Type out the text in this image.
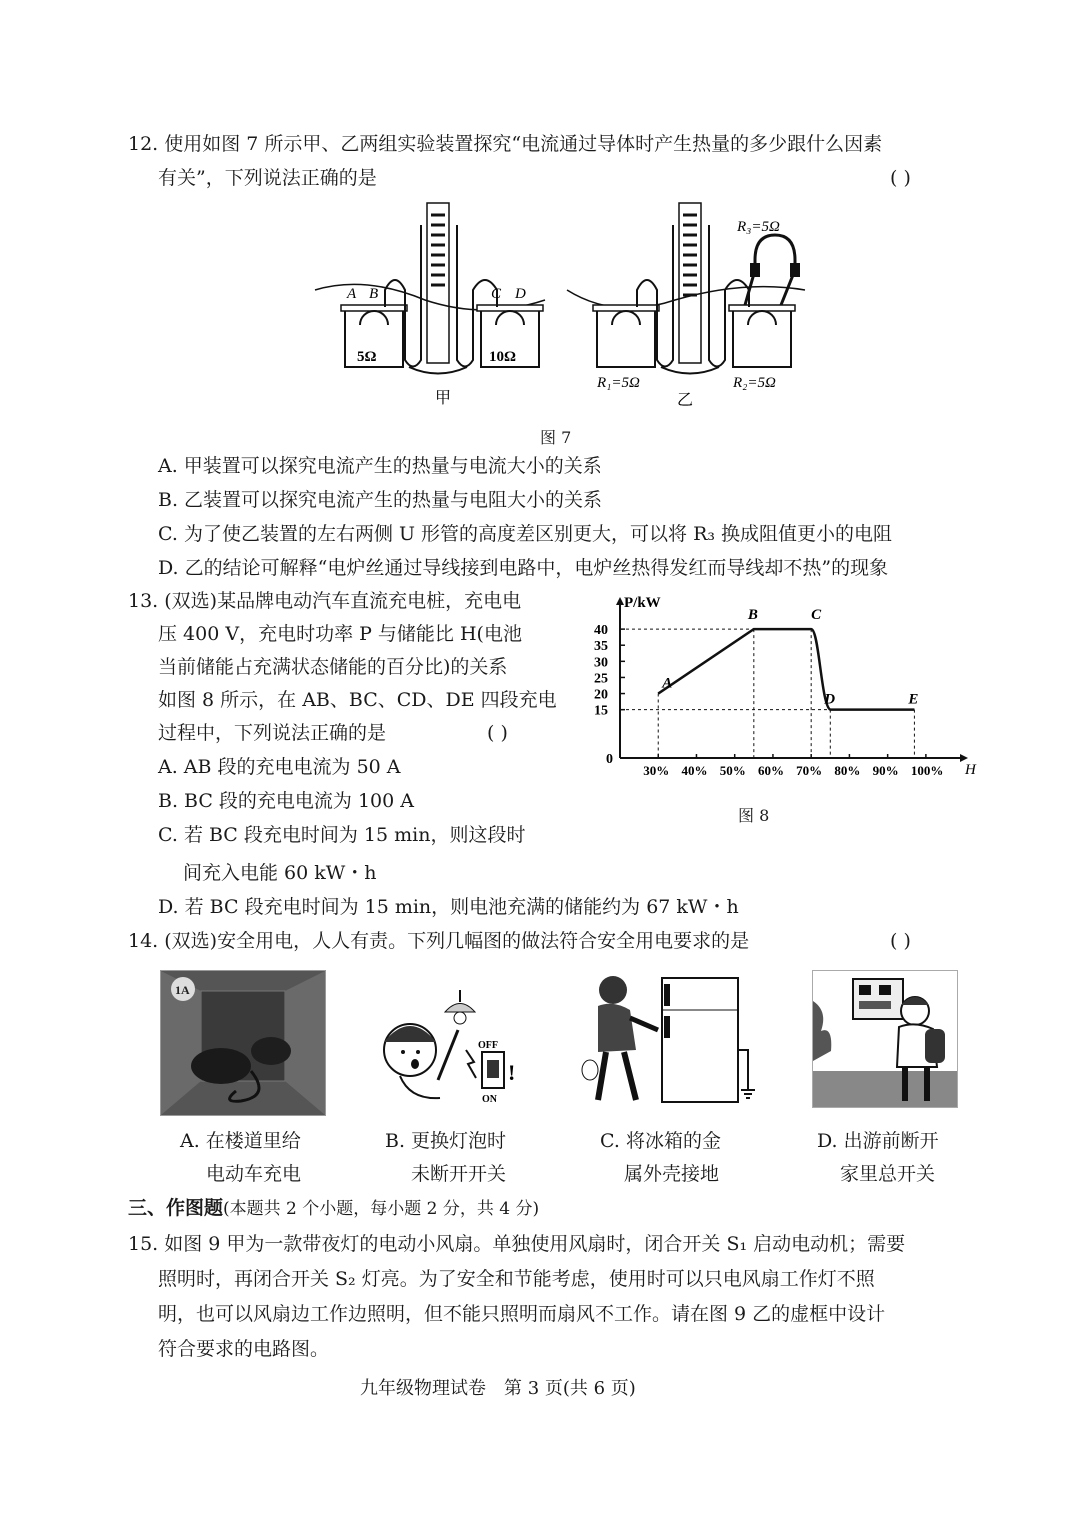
12. 使用如图 7 所示甲、乙两组实验装置探究“电流通过导体时产生热量的多少跟什么因素
有关”，下列说法正确的是	( )
A B	C D
5Ω	10Ω
甲
R₃=5Ω
R₁=5Ω	R₂=5Ω
乙
图 7
A. 甲装置可以探究电流产生的热量与电流大小的关系
B. 乙装置可以探究电流产生的热量与电阻大小的关系
C. 为了使乙装置的左右两侧 U 形管的高度差区别更大，可以将 R₃ 换成阻值更小的电阻
D. 乙的结论可解释“电炉丝通过导线接到电路中，电炉丝热得发红而导线却不热”的现象
13. (双选)某品牌电动汽车直流充电桩，充电电
压 400 V，充电时功率 P 与储能比 H(电池
当前储能占充满状态储能的百分比)的关系
如图 8 所示，在 AB、BC、CD、DE 四段充电
过程中，下列说法正确的是	( )
A. AB 段的充电电流为 50 A
B. BC 段的充电电流为 100 A
C. 若 BC 段充电时间为 15 min，则这段时
间充入电能 60 kW・h
D. 若 BC 段充电时间为 15 min，则电池充满的储能约为 67 kW・h
P/kW
H
0
15
20
25
30
35
40
30% 40% 50% 60% 70% 80% 90% 100%
A
B	C
D	E
图 8
14. (双选)安全用电，人人有责。下列几幅图的做法符合安全用电要求的是	( )
1A
OFF
ON
!
A. 在楼道里给
电动车充电
B. 更换灯泡时
未断开开关
C. 将冰箱的金
属外壳接地
D. 出游前断开
家里总开关
三、作图题(本题共 2 个小题，每小题 2 分，共 4 分)
15. 如图 9 甲为一款带夜灯的电动小风扇。单独使用风扇时，闭合开关 S₁ 启动电动机；需要
照明时，再闭合开关 S₂ 灯亮。为了安全和节能考虑，使用时可以只电风扇工作灯不照
明，也可以风扇边工作边照明，但不能只照明而扇风不工作。请在图 9 乙的虚框中设计
符合要求的电路图。
九年级物理试卷　第 3 页(共 6 页)
